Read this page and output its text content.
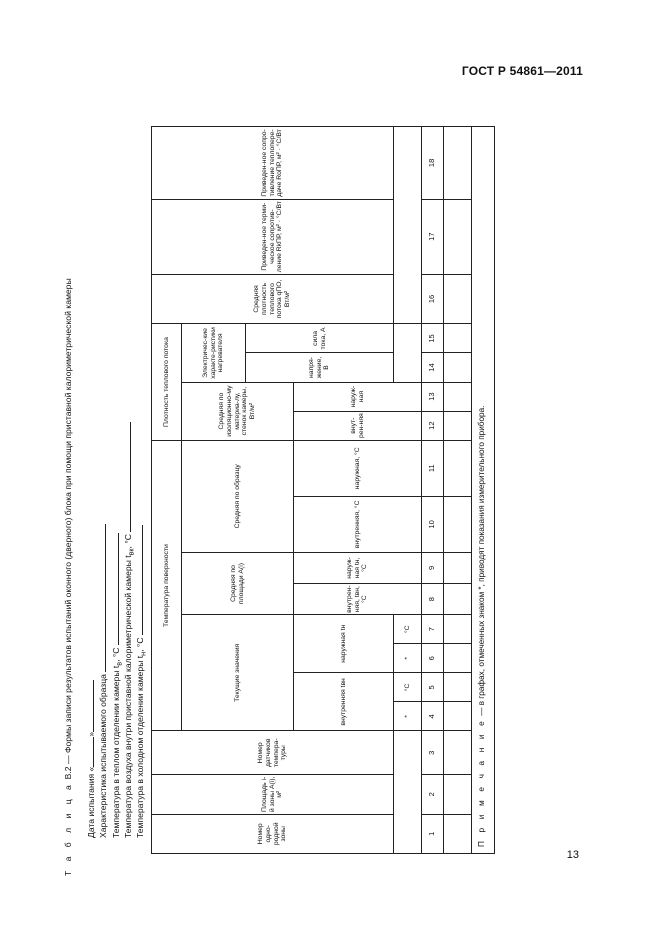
ГОСТ Р 54861—2011
Т а б л и ц а В.2 — Формы записи результатов испытаний оконного (дверного) блока при помощи приставной калориметрической камеры
Дата испытания «» Характеристика испытываемого образца Температура в теплом отделении камеры $t_в$, °С Температура воздуха внутри приставной калориметрической камеры $t_{вк}$, °С
Температура в холодном отделении камеры $t_н$, °С
Номер одно-родной зоны	Площадь i-й зоны A(i), м²	Номер датчиков темпера-туры	Температура поверхности								Плотность теплового потока				Средняя плотность теплового потока qПО, Вт/м²	Приведен-ное терми-ческое сопротив-ление RkПР, м² · °С/Вт	Приведен-ное сопро-тивление теплопере-даче RoПР, м² · °С/Вт
			Текущие значения				Средняя по площади A(i)		Средняя по образцу		Средняя по изоляционно-му материа-лу, стенок камеры, Вт/м²		Электричес-кие характе-ристики нагревателя				
													напря-жение, В	сила тока, А			
			внутренняя tвн		наружная tн		внутрен-няя, tвн, °С	наруж-ная tн, °С	внутренняя, °С	наружная, °С	внут-рен-няя	наруж-ная					
			*	°С	*	°С											
1	2	3	4	5	6	7	8	9	10	11	12	13	14	15	16	17	18

П р и м е ч а н и е — в графах, отмеченных знаком *, приводят показания измерительного прибора.
13
